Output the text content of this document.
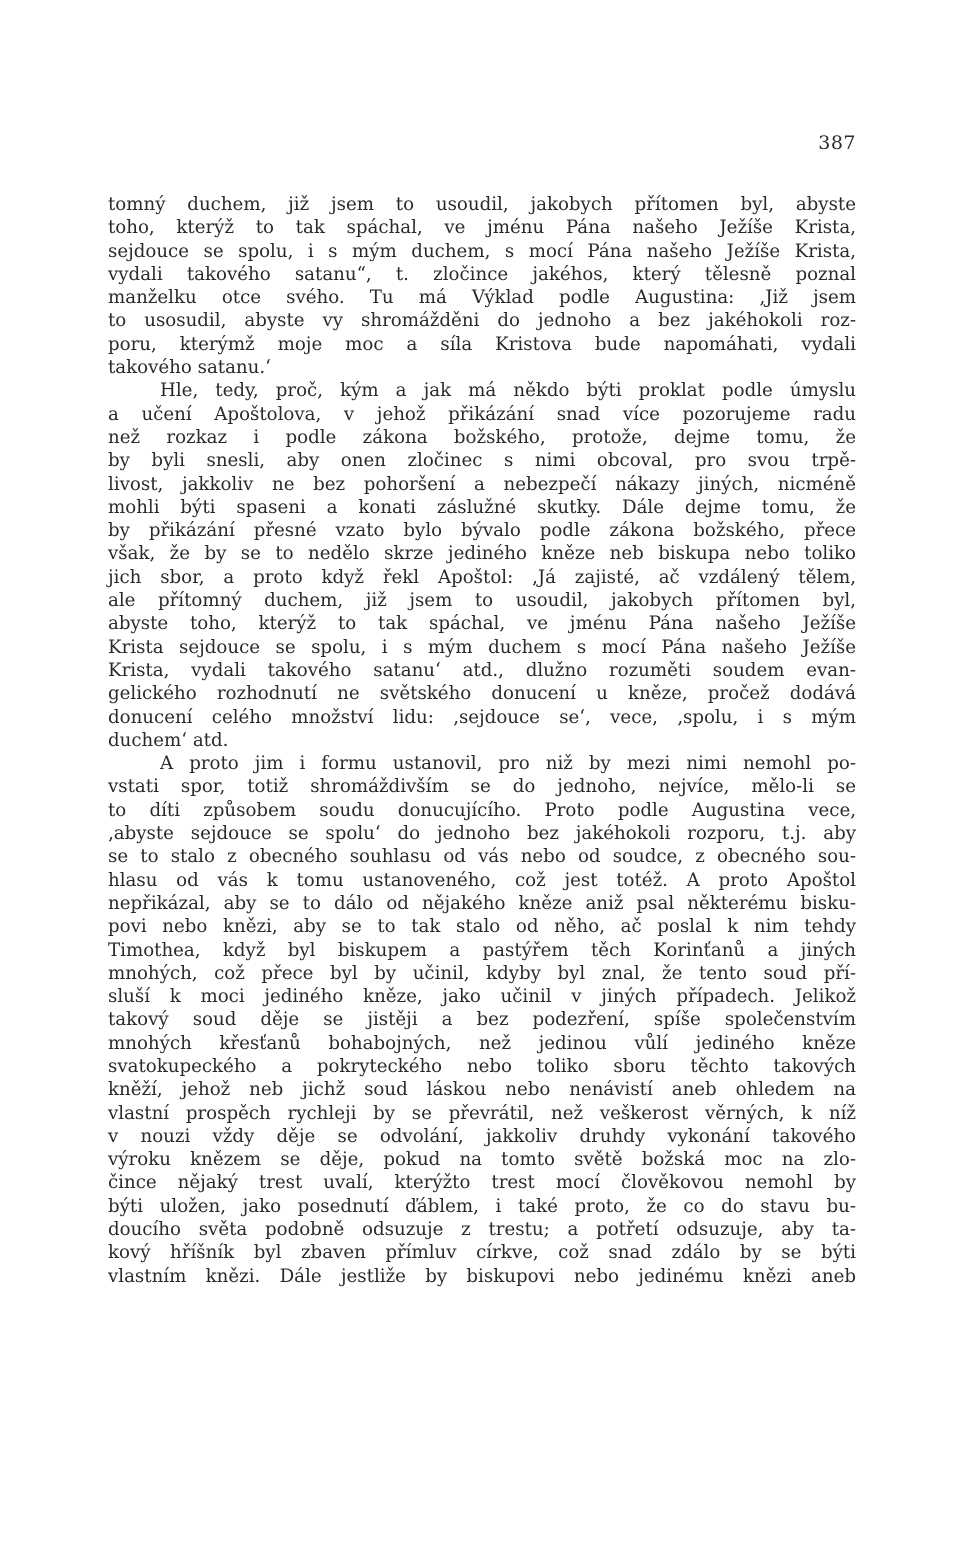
387
tomný duchem, již jsem to usoudil, jakobych přítomen byl, abyste
toho, kterýž to tak spáchal, ve jménu Pána našeho Ježíše Krista,
sejdouce se spolu, i s mým duchem, s mocí Pána našeho Ježíše Krista,
vydali takového satanu“, t. zločince jakéhos, který tělesně poznal
manželku otce svého. Tu má Výklad podle Augustina: ‚Již jsem
to usosudil, abyste vy shromážděni do jednoho a bez jakéhokoli roz-
poru, kterýmž moje moc a síla Kristova bude napomáhati, vydali
takového satanu.‘
Hle, tedy, proč, kým a jak má někdo býti proklat podle úmyslu
a učení Apoštolova, v jehož přikázání snad více pozorujeme radu
než rozkaz i podle zákona božského, protože, dejme tomu, že
by byli snesli, aby onen zločinec s nimi obcoval, pro svou trpě-
livost, jakkoliv ne bez pohoršení a nebezpečí nákazy jiných, nicméně
mohli býti spaseni a konati záslužné skutky. Dále dejme tomu, že
by přikázání přesné vzato bylo bývalo podle zákona božského, přece
však, že by se to nedělo skrze jediného kněze neb biskupa nebo toliko
jich sbor, a proto když řekl Apoštol: ‚Já zajisté, ač vzdálený tělem,
ale přítomný duchem, již jsem to usoudil, jakobych přítomen byl,
abyste toho, kterýž to tak spáchal, ve jménu Pána našeho Ježíše
Krista sejdouce se spolu, i s mým duchem s mocí Pána našeho Ježíše
Krista, vydali takového satanu‘ atd., dlužno rozuměti soudem evan-
gelického rozhodnutí ne světského donucení u kněze, pročež dodává
donucení celého množství lidu: ‚sejdouce se‘, vece, ‚spolu, i s mým
duchem‘ atd.
A proto jim i formu ustanovil, pro niž by mezi nimi nemohl po-
vstati spor, totiž shromáždivším se do jednoho, nejvíce, mělo-li se
to díti způsobem soudu donucujícího. Proto podle Augustina vece,
‚abyste sejdouce se spolu‘ do jednoho bez jakéhokoli rozporu, t.j. aby
se to stalo z obecného souhlasu od vás nebo od soudce, z obecného sou-
hlasu od vás k tomu ustanoveného, což jest totéž. A proto Apoštol
nepřikázal, aby se to dálo od nějakého kněze aniž psal některému bisku-
povi nebo knězi, aby se to tak stalo od něho, ač poslal k nim tehdy
Timothea, když byl biskupem a pastýřem těch Korinťanů a jiných
mnohých, což přece byl by učinil, kdyby byl znal, že tento soud pří-
sluší k moci jediného kněze, jako učinil v jiných případech. Jelikož
takový soud děje se jistěji a bez podezření, spíše společenstvím
mnohých křesťanů bohabojných, než jedinou vůlí jediného kněze
svatokupeckého a pokryteckého nebo toliko sboru těchto takových
kněží, jehož neb jichž soud láskou nebo nenávistí aneb ohledem na
vlastní prospěch rychleji by se převrátil, než veškerost věrných, k níž
v nouzi vždy děje se odvolání, jakkoliv druhdy vykonání takového
výroku knězem se děje, pokud na tomto světě božská moc na zlo-
čince nějaký trest uvalí, kterýžto trest mocí člověkovou nemohl by
býti uložen, jako posednutí ďáblem, i také proto, že co do stavu bu-
doucího světa podobně odsuzuje z trestu; a potřetí odsuzuje, aby ta-
kový hříšník byl zbaven přímluv církve, což snad zdálo by se býti
vlastním knězi. Dále jestliže by biskupovi nebo jedinému knězi aneb
